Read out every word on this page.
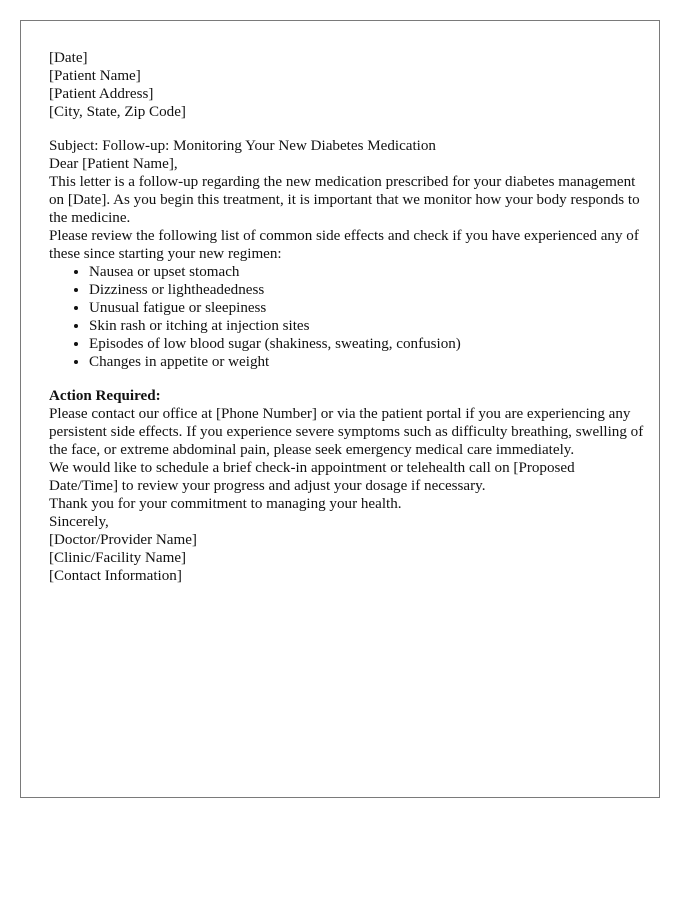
[Date]

[Patient Name]

[Patient Address]

[City, State, Zip Code]

Subject: Follow-up: Monitoring Your New Diabetes Medication

Dear [Patient Name],

This letter is a follow-up regarding the new medication prescribed for your diabetes management on [Date]. As you begin this treatment, it is important that we monitor how your body responds to the medicine.

Please review the following list of common side effects and check if you have experienced any of these since starting your new regimen:

• Nausea or upset stomach
• Dizziness or lightheadedness
• Unusual fatigue or sleepiness
• Skin rash or itching at injection sites
• Episodes of low blood sugar (shakiness, sweating, confusion)
• Changes in appetite or weight

Action Required:

Please contact our office at [Phone Number] or via the patient portal if you are experiencing any persistent side effects. If you experience severe symptoms such as difficulty breathing, swelling of the face, or extreme abdominal pain, please seek emergency medical care immediately.

We would like to schedule a brief check-in appointment or telehealth call on [Proposed Date/Time] to review your progress and adjust your dosage if necessary.

Thank you for your commitment to managing your health.

Sincerely,

[Doctor/Provider Name]

[Clinic/Facility Name]

[Contact Information]
